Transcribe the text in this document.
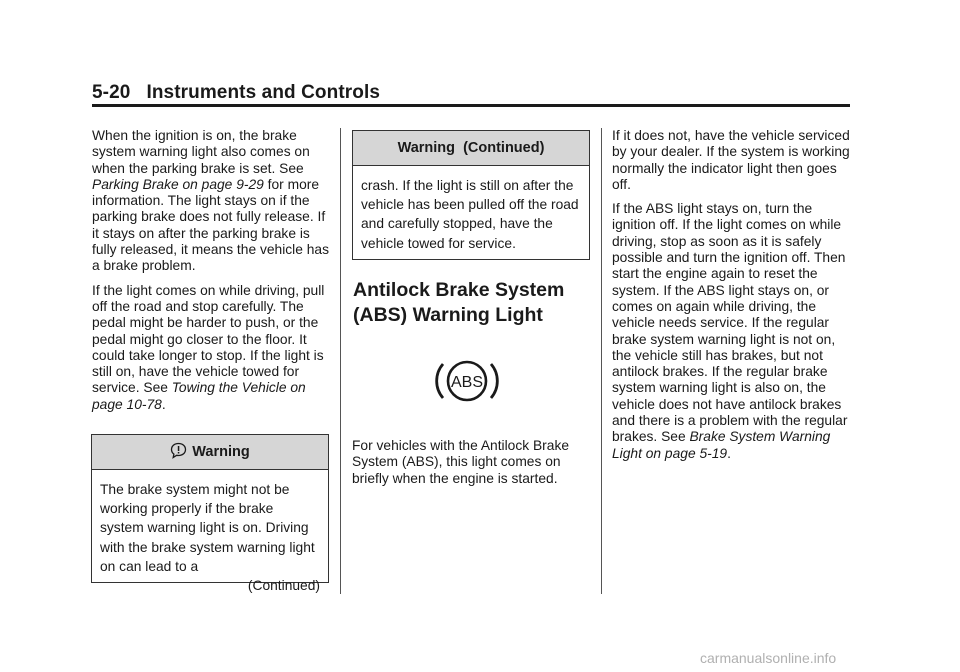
5-20 Instruments and Controls

When the ignition is on, the brake system warning light also comes on when the parking brake is set. See Parking Brake on page 9-29 for more information. The light stays on if the parking brake does not fully release. If it stays on after the parking brake is fully released, it means the vehicle has a brake problem.

If the light comes on while driving, pull off the road and stop carefully. The pedal might be harder to push, or the pedal might go closer to the floor. It could take longer to stop. If the light is still on, have the vehicle towed for service. See Towing the Vehicle on page 10-78.

Warning
The brake system might not be working properly if the brake system warning light is on. Driving with the brake system warning light on can lead to a
(Continued)
Warning  (Continued)
crash. If the light is still on after the vehicle has been pulled off the road and carefully stopped, have the vehicle towed for service.
Antilock Brake System (ABS) Warning Light
ABS
For vehicles with the Antilock Brake System (ABS), this light comes on briefly when the engine is started.

If it does not, have the vehicle serviced by your dealer. If the system is working normally the indicator light then goes off.

If the ABS light stays on, turn the ignition off. If the light comes on while driving, stop as soon as it is safely possible and turn the ignition off. Then start the engine again to reset the system. If the ABS light stays on, or comes on again while driving, the vehicle needs service. If the regular brake system warning light is not on, the vehicle still has brakes, but not antilock brakes. If the regular brake system warning light is also on, the vehicle does not have antilock brakes and there is a problem with the regular brakes. See Brake System Warning Light on page 5-19.

carmanualsonline.info
